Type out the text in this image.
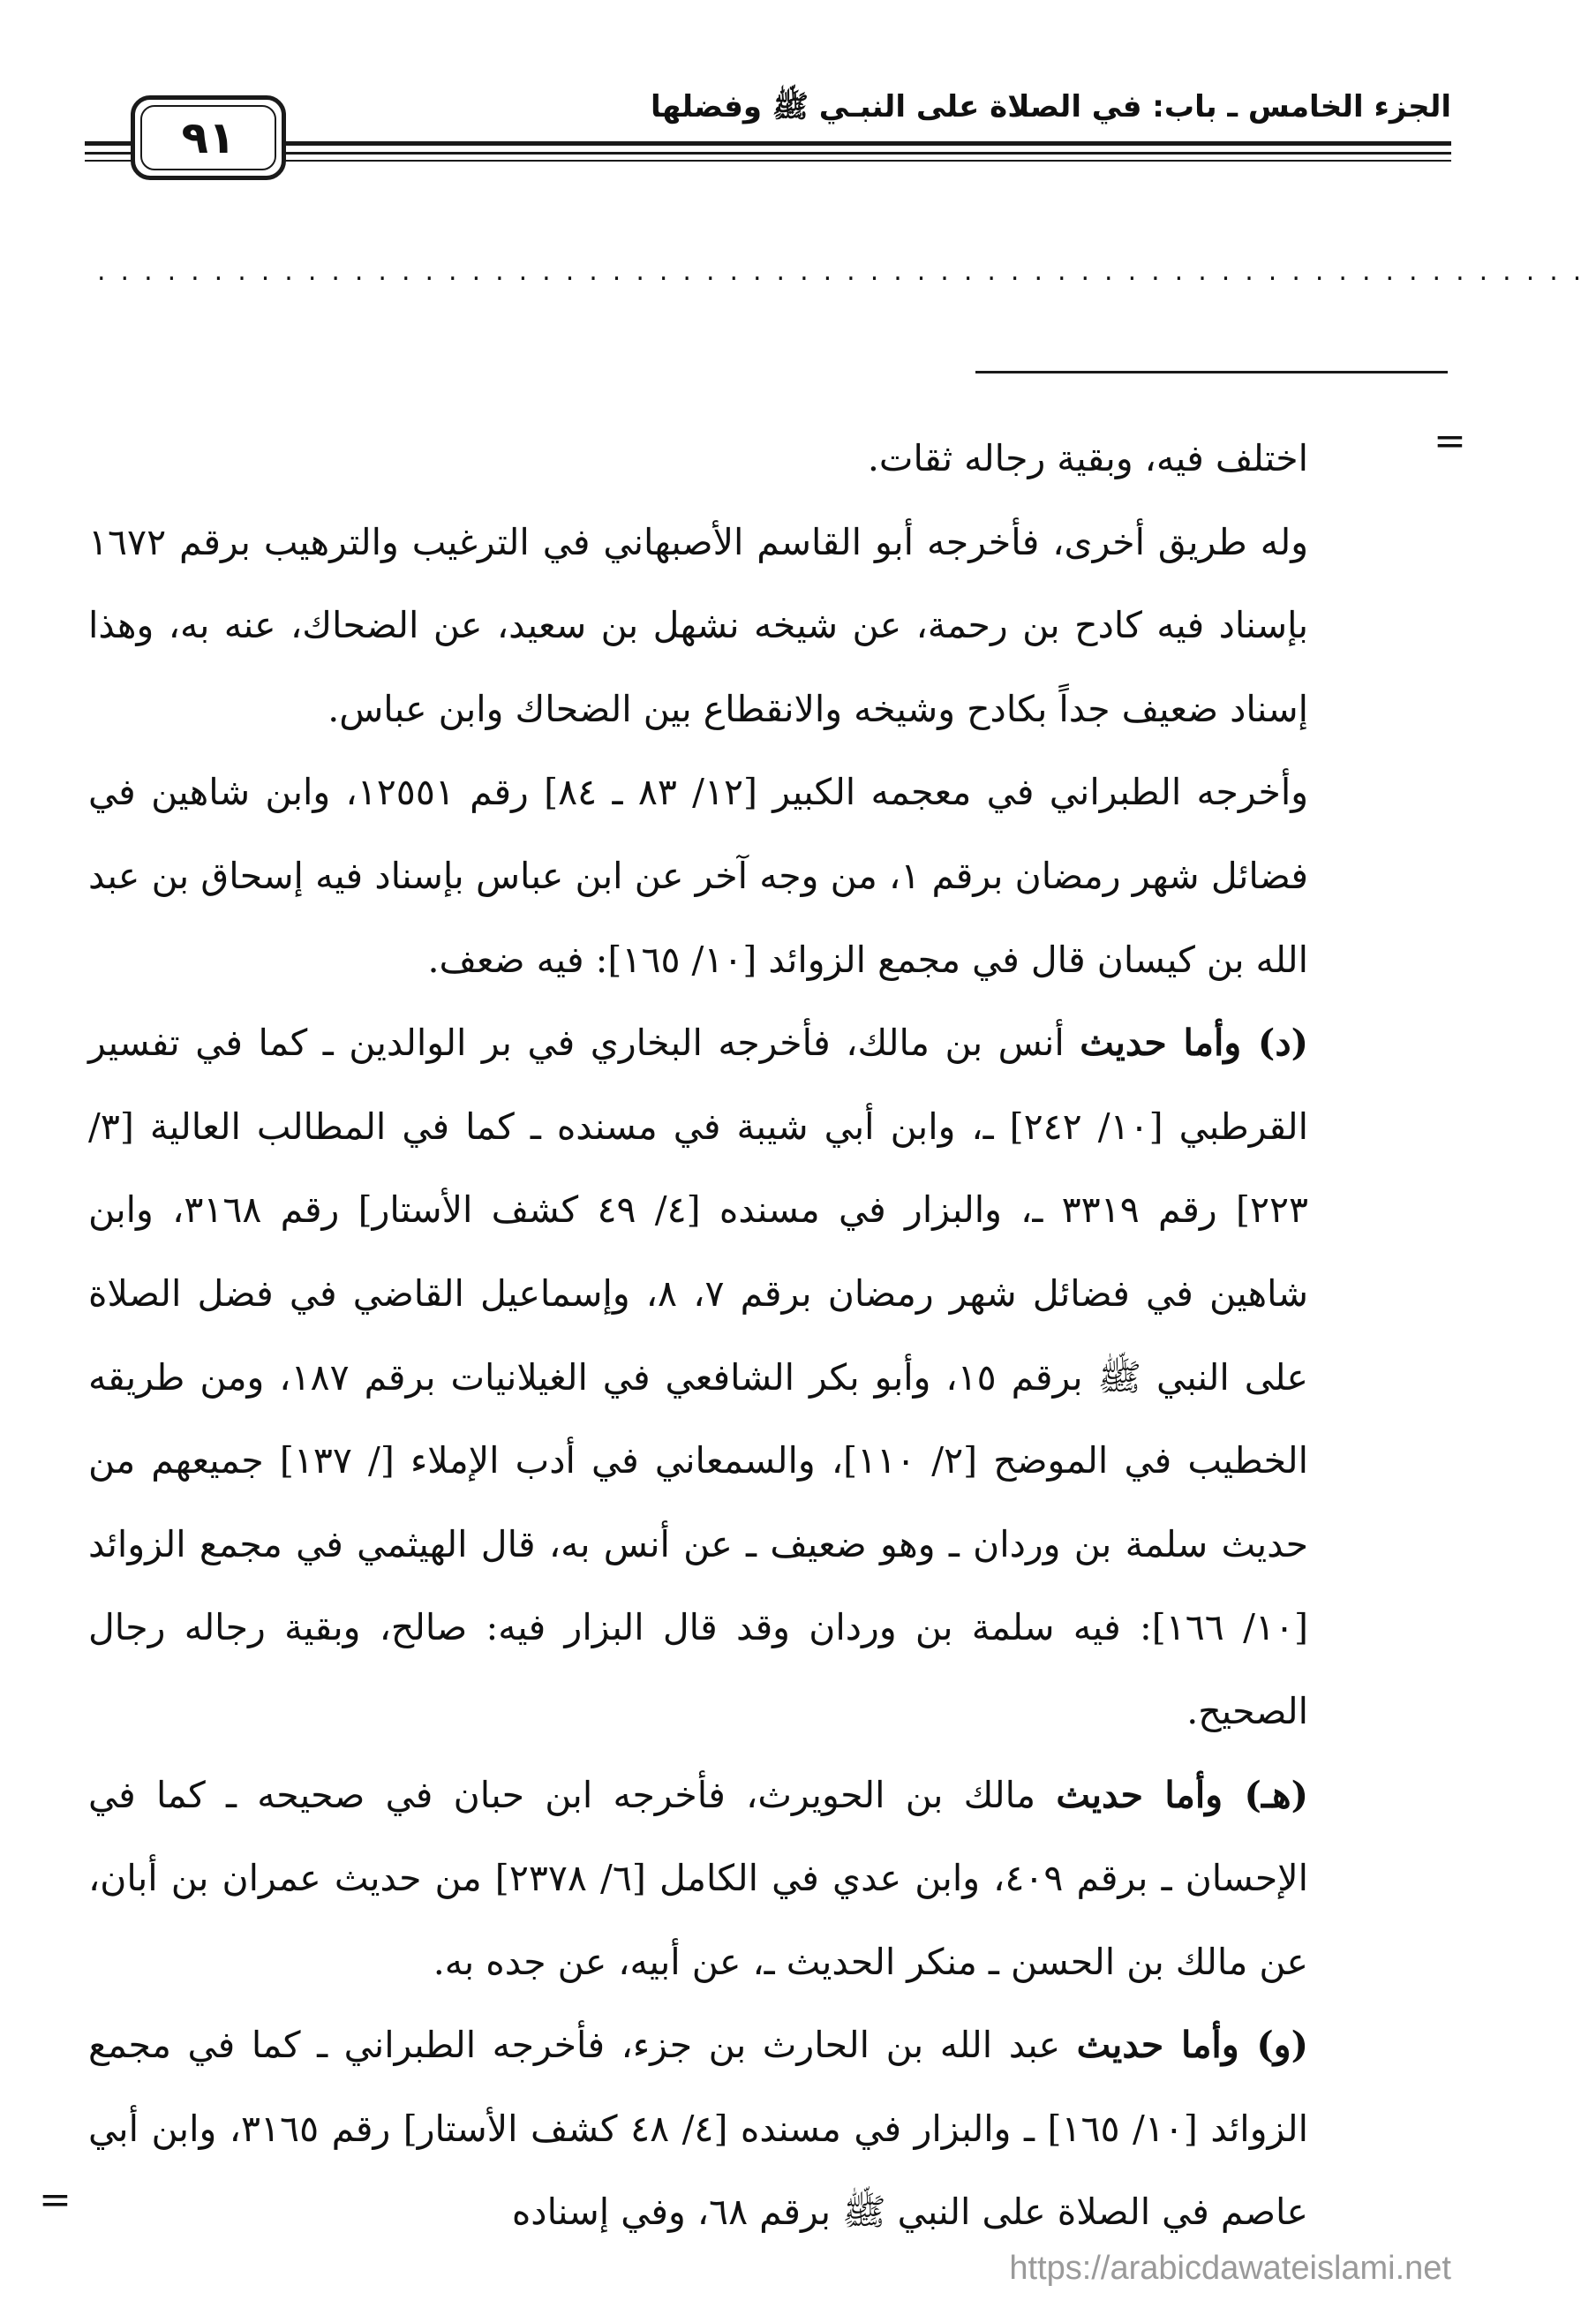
الجزء الخامس ـ باب: في الصلاة على النبـي ﷺ وفضلها
٩١
................................................................
=
=

اختلف فيه، وبقية رجاله ثقات.

وله طريق أخرى، فأخرجه أبو القاسم الأصبهاني في الترغيب والترهيب برقم ١٦٧٢ بإسناد فيه كادح بن رحمة، عن شيخه نشهل بن سعيد، عن الضحاك، عنه به، وهذا إسناد ضعيف جداً بكادح وشيخه والانقطاع بين الضحاك وابن عباس.

وأخرجه الطبراني في معجمه الكبير [١٢/ ٨٣ ـ ٨٤] رقم ١٢٥٥١، وابن شاهين في فضائل شهر رمضان برقم ١، من وجه آخر عن ابن عباس بإسناد فيه إسحاق بن عبد الله بن كيسان قال في مجمع الزوائد [١٠/ ١٦٥]: فيه ضعف.

(د) وأما حديث أنس بن مالك، فأخرجه البخاري في بر الوالدين ـ كما في تفسير القرطبي [١٠/ ٢٤٢] ـ، وابن أبي شيبة في مسنده ـ كما في المطالب العالية [٣/ ٢٢٣] رقم ٣٣١٩ ـ، والبزار في مسنده [٤/ ٤٩ كشف الأستار] رقم ٣١٦٨، وابن شاهين في فضائل شهر رمضان برقم ٧، ٨، وإسماعيل القاضي في فضل الصلاة على النبي ﷺ برقم ١٥، وأبو بكر الشافعي في الغيلانيات برقم ١٨٧، ومن طريقه الخطيب في الموضح [٢/ ١١٠]، والسمعاني في أدب الإملاء [/ ١٣٧] جميعهم من حديث سلمة بن وردان ـ وهو ضعيف ـ عن أنس به، قال الهيثمي في مجمع الزوائد [١٠/ ١٦٦]: فيه سلمة بن وردان وقد قال البزار فيه: صالح، وبقية رجاله رجال الصحيح.

(هـ) وأما حديث مالك بن الحويرث، فأخرجه ابن حبان في صحيحه ـ كما في الإحسان ـ برقم ٤٠٩، وابن عدي في الكامل [٦/ ٢٣٧٨] من حديث عمران بن أبان، عن مالك بن الحسن ـ منكر الحديث ـ، عن أبيه، عن جده به.

(و) وأما حديث عبد الله بن الحارث بن جزء، فأخرجه الطبراني ـ كما في مجمع الزوائد [١٠/ ١٦٥] ـ والبزار في مسنده [٤/ ٤٨ كشف الأستار] رقم ٣١٦٥، وابن أبي عاصم في الصلاة على النبي ﷺ برقم ٦٨، وفي إسناده

https://arabicdawateislami.net
